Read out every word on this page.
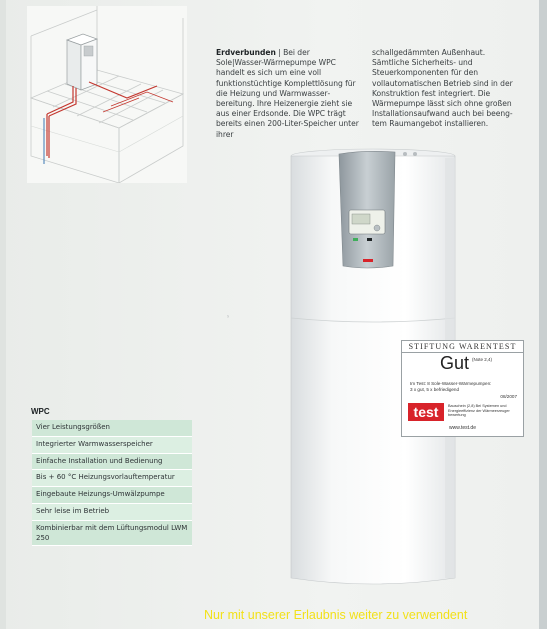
Erdverbunden | Bei der Sole|Wasser-Wärmepumpe WPC handelt es sich um eine voll funktionstüchtige Komplettlösung für die Heizung und Warmwasserbereitung. Ihre Heizenergie zieht sie aus einer Erdsonde. Die WPC trägt bereits einen 200-Liter-Speicher unter ihrer
schallgedämmten Außenhaut. Sämtliche Sicherheits- und Steuerkomponenten für den vollautomatischen Betrieb sind in der Konstruktion fest integriert. Die Wärmepumpe lässt sich ohne großen Installationsaufwand auch bei beengtem Raumangebot installieren.
STIFTUNG WARENTEST
Gut (Note 2,4)
Im Test: 8 Sole-Wasser-Wärmepumpen:
3 x gut, 5 x befriedigend
08/2007
test	Bauschein (2,8) Bei Systemen und Energieeffizienz der Wärmeerzeuger bewertung
www.test.de
ⸯ
WPC
Vier Leistungsgrößen
Integrierter Warmwasserspeicher
Einfache Installation und Bedienung
Bis + 60 °C Heizungsvorlauftemperatur
Eingebaute Heizungs-Umwälzpumpe
Sehr leise im Betrieb
Kombinierbar mit dem Lüftungsmodul LWM 250
Nur mit unserer Erlaubnis weiter zu verwendent
